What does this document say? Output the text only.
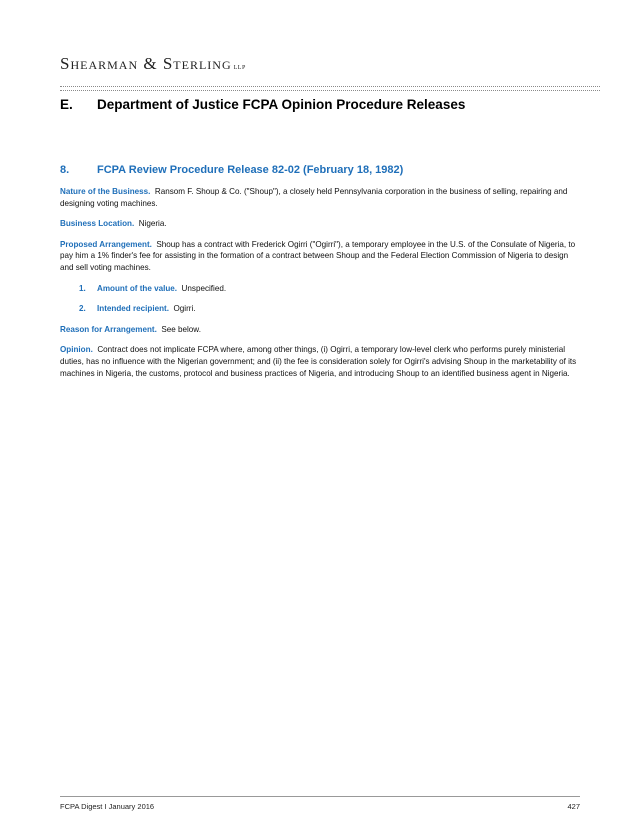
Shearman & Sterling LLP
E. Department of Justice FCPA Opinion Procedure Releases
8.	FCPA Review Procedure Release 82-02 (February 18, 1982)

Nature of the Business. Ransom F. Shoup & Co. ("Shoup"), a closely held Pennsylvania corporation in the business of selling, repairing and designing voting machines.

Business Location. Nigeria.

Proposed Arrangement. Shoup has a contract with Frederick Ogirri ("Ogirri"), a temporary employee in the U.S. of the Consulate of Nigeria, to pay him a 1% finder's fee for assisting in the formation of a contract between Shoup and the Federal Election Commission of Nigeria to design and sell voting machines.

1. Amount of the value. Unspecified.

2. Intended recipient. Ogirri.

Reason for Arrangement. See below.

Opinion. Contract does not implicate FCPA where, among other things, (i) Ogirri, a temporary low-level clerk who performs purely ministerial duties, has no influence with the Nigerian government; and (ii) the fee is consideration solely for Ogirri's advising Shoup in the marketability of its machines in Nigeria, the customs, protocol and business practices of Nigeria, and introducing Shoup to an identified business agent in Nigeria.

FCPA Digest I January 2016	427
